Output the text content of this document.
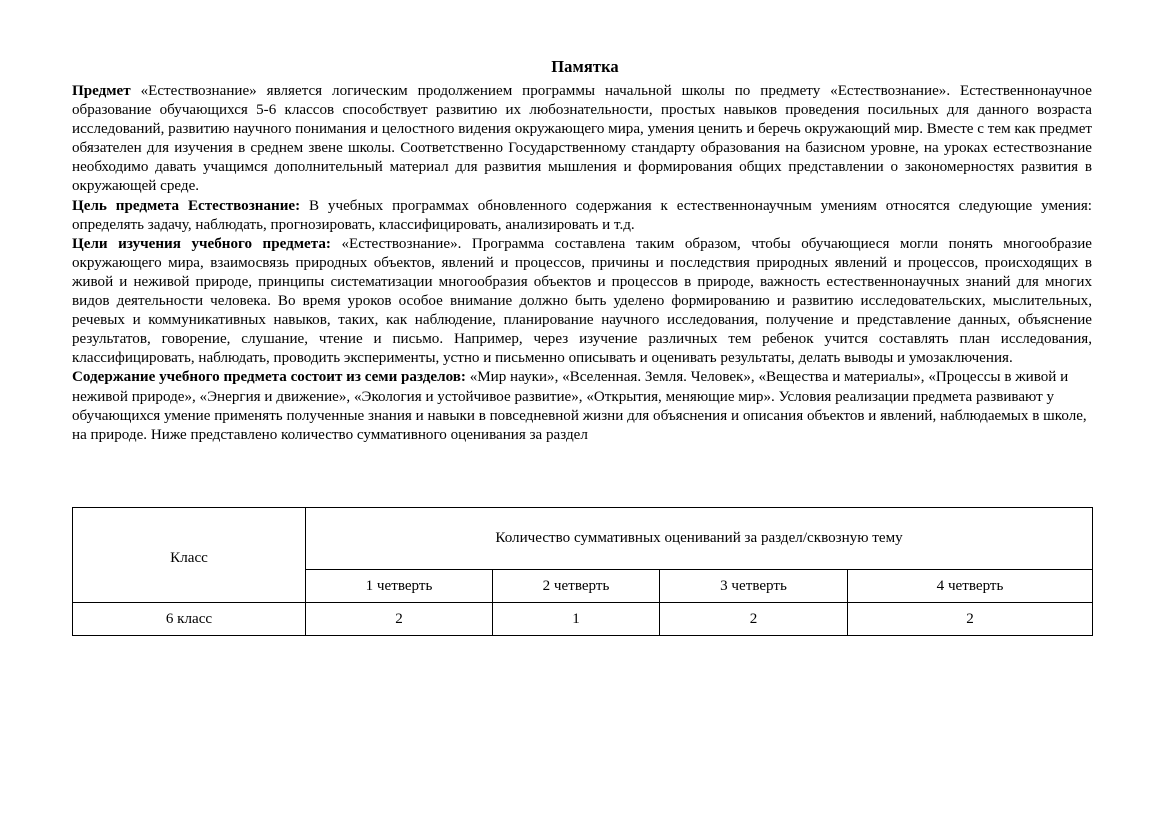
Памятка

Предмет «Естествознание» является логическим продолжением программы начальной школы по предмету «Естествознание». Естественнонаучное образование обучающихся 5-6 классов способствует развитию их любознательности, простых навыков проведения посильных для данного возраста исследований, развитию научного понимания и целостного видения окружающего мира, умения ценить и беречь окружающий мир. Вместе с тем как предмет обязателен для изучения в среднем звене школы. Соответственно Государственному стандарту образования на базисном уровне, на уроках естествознание необходимо давать учащимся дополнительный материал для развития мышления и формирования общих представлении о закономерностях развития в окружающей среде.

Цель предмета Естествознание: В учебных программах обновленного содержания к естественнонаучным умениям относятся следующие умения: определять задачу, наблюдать, прогнозировать, классифицировать, анализировать и т.д.

Цели изучения учебного предмета: «Естествознание». Программа составлена таким образом, чтобы обучающиеся могли понять многообразие окружающего мира, взаимосвязь природных объектов, явлений и процессов, причины и последствия природных явлений и процессов, происходящих в живой и неживой природе, принципы систематизации многообразия объектов и процессов в природе, важность естественнонаучных знаний для многих видов деятельности человека. Во время уроков особое внимание должно быть уделено формированию и развитию исследовательских, мыслительных, речевых и коммуникативных навыков, таких, как наблюдение, планирование научного исследования, получение и представление данных, объяснение результатов, говорение, слушание, чтение и письмо. Например, через изучение различных тем ребенок учится составлять план исследования, классифицировать, наблюдать, проводить эксперименты, устно и письменно описывать и оценивать результаты, делать выводы и умозаключения.

Содержание учебного предмета состоит из семи разделов: «Мир науки», «Вселенная. Земля. Человек», «Вещества и материалы», «Процессы в живой и неживой природе», «Энергия и движение», «Экология и устойчивое развитие», «Открытия, меняющие мир». Условия реализации предмета развивают у обучающихся умение применять полученные знания и навыки в повседневной жизни для объяснения и описания объектов и явлений, наблюдаемых в школе, на природе. Ниже представлено количество суммативного оценивания за раздел

Класс	Количество суммативных оцениваний за раздел/сквозную тему			
	1 четверть	2 четверть	3 четверть	4 четверть
6 класс	2	1	2	2
